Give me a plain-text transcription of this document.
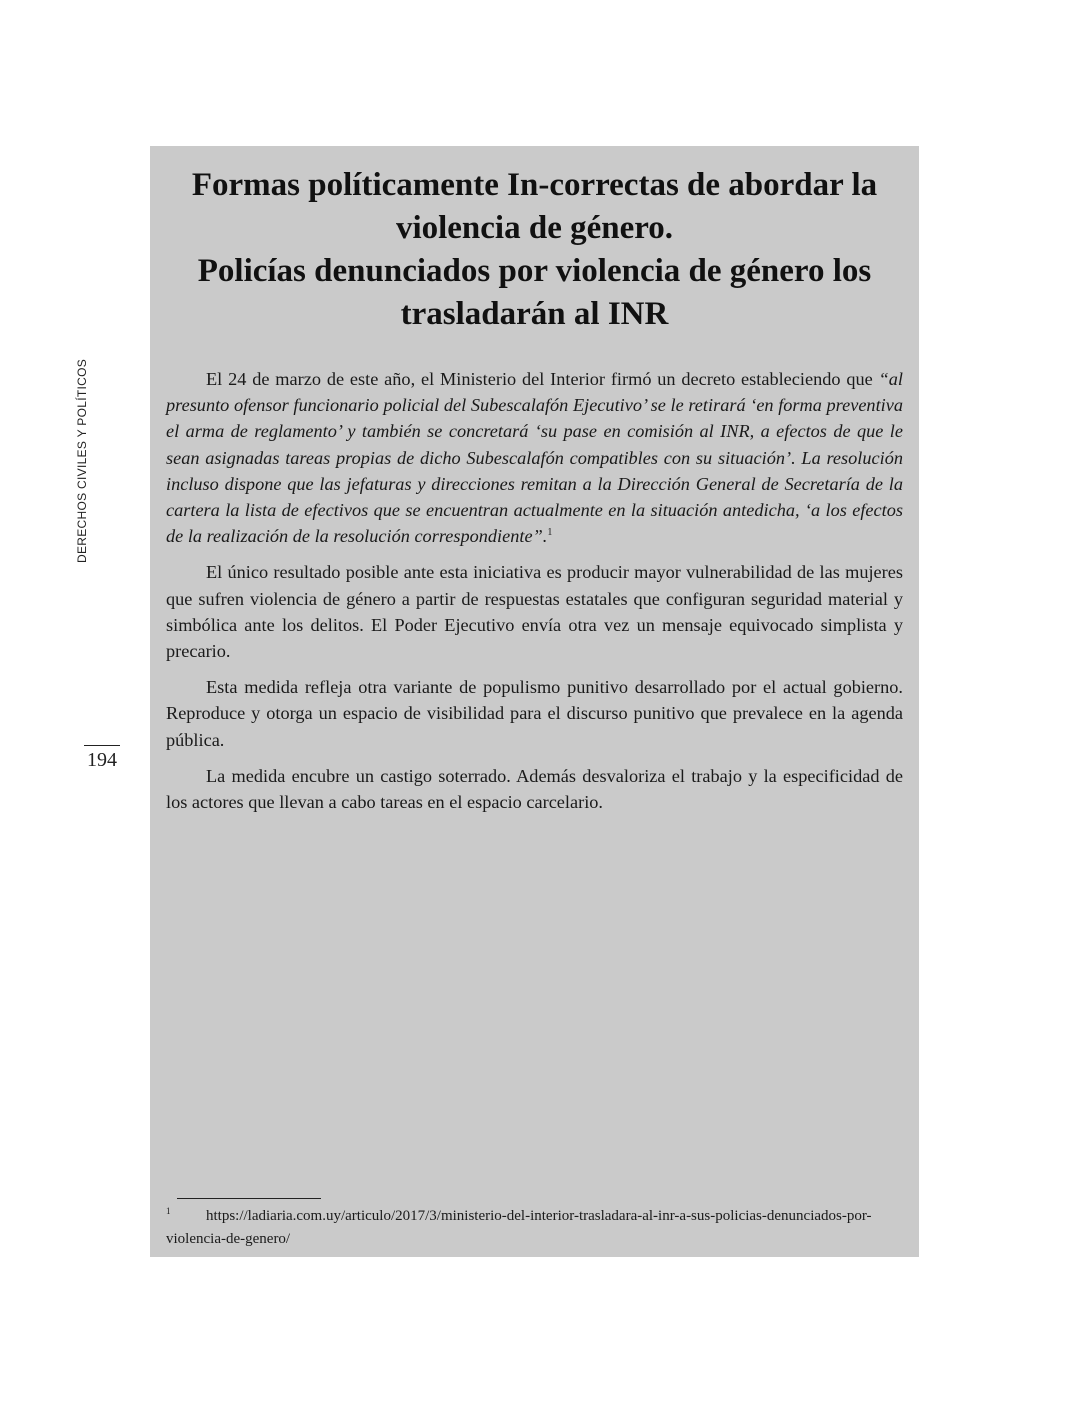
DERECHOS CIVILES Y POLÍTICOS
194
Formas políticamente In-correctas de abordar la
violencia de género.
Policías denunciados por violencia de género los
trasladarán al INR

El 24 de marzo de este año, el Ministerio del Interior firmó un decreto estableciendo que “al presunto ofensor funcionario policial del Subescalafón Ejecutivo’ se le retirará ‘en forma preventiva el arma de reglamento’ y también se concretará ‘su pase en comisión al INR, a efectos de que le sean asignadas tareas propias de dicho Subescalafón compatibles con su situación’. La resolución incluso dispone que las jefaturas y direcciones remitan a la Dirección General de Secretaría de la cartera la lista de efectivos que se encuentran actualmente en la situación antedicha, ‘a los efectos de la realización de la resolución correspondiente”.$^1$

El único resultado posible ante esta iniciativa es producir mayor vulnerabilidad de las mujeres que sufren violencia de género a partir de respuestas estatales que configuran seguridad material y simbólica ante los delitos. El Poder Ejecutivo envía otra vez un mensaje equivocado simplista y precario.

Esta medida refleja otra variante de populismo punitivo desarrollado por el actual gobierno. Reproduce y otorga un espacio de visibilidad para el discurso punitivo que prevalece en la agenda pública.

La medida encubre un castigo soterrado. Además desvaloriza el trabajo y la especificidad de los actores que llevan a cabo tareas en el espacio carcelario.

1 https://ladiaria.com.uy/articulo/2017/3/ministerio-del-interior-trasladara-al-inr-a-sus-policias-denunciados-por-violencia-de-genero/
